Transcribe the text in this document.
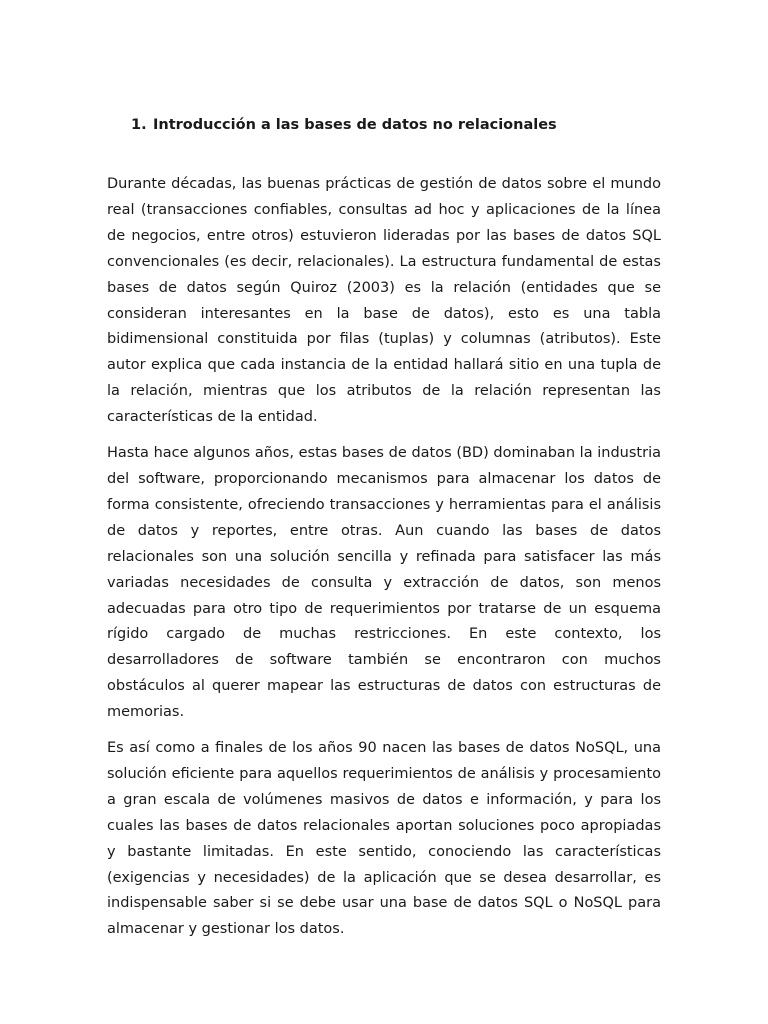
1. Introducción a las bases de datos no relacionales

Durante décadas, las buenas prácticas de gestión de datos sobre el mundo real (transacciones confiables, consultas ad hoc y aplicaciones de la línea de negocios, entre otros) estuvieron lideradas por las bases de datos SQL convencionales (es decir, relacionales). La estructura fundamental de estas bases de datos según Quiroz (2003) es la relación (entidades que se consideran interesantes en la base de datos), esto es una tabla bidimensional constituida por filas (tuplas) y columnas (atributos). Este autor explica que cada instancia de la entidad hallará sitio en una tupla de la relación, mientras que los atributos de la relación representan las características de la entidad.

Hasta hace algunos años, estas bases de datos (BD) dominaban la industria del software, proporcionando mecanismos para almacenar los datos de forma consistente, ofreciendo transacciones y herramientas para el análisis de datos y reportes, entre otras. Aun cuando las bases de datos relacionales son una solución sencilla y refinada para satisfacer las más variadas necesidades de consulta y extracción de datos, son menos adecuadas para otro tipo de requerimientos por tratarse de un esquema rígido cargado de muchas restricciones. En este contexto, los desarrolladores de software también se encontraron con muchos obstáculos al querer mapear las estructuras de datos con estructuras de memorias.

Es así como a finales de los años 90 nacen las bases de datos NoSQL, una solución eficiente para aquellos requerimientos de análisis y procesamiento a gran escala de volúmenes masivos de datos e información, y para los cuales las bases de datos relacionales aportan soluciones poco apropiadas y bastante limitadas. En este sentido, conociendo las características (exigencias y necesidades) de la aplicación que se desea desarrollar, es indispensable saber si se debe usar una base de datos SQL o NoSQL para almacenar y gestionar los datos.
